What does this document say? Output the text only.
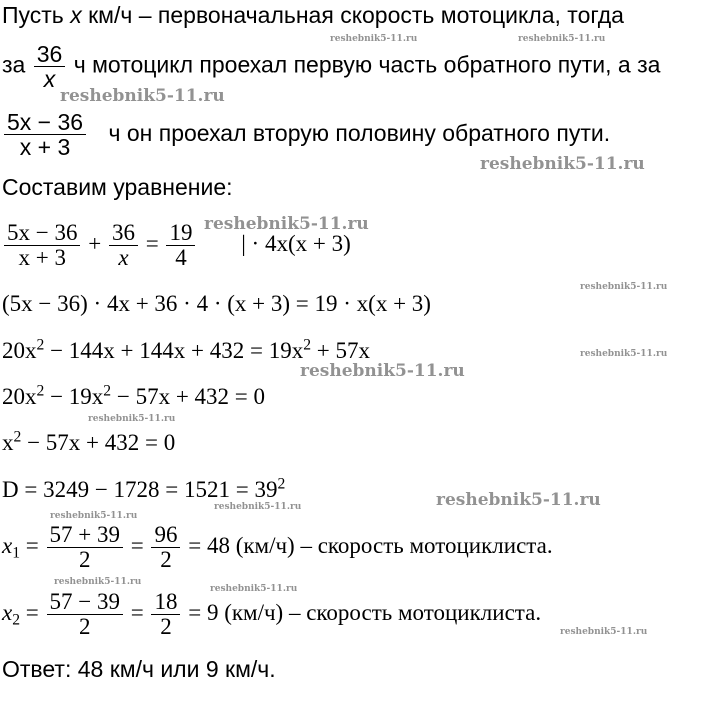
Пусть x км/ч – первоначальная скорость мотоцикла, тогда
за $\frac{36}{x}$ ч мотоцикл проехал первую часть обратного пути, а за
$\frac{5x - 36}{x + 3}$ ч он проехал вторую половину обратного пути.
Составим уравнение:
$\frac{5x - 36}{x + 3} + \frac{36}{x} = \frac{19}{4}$ | · 4x(x + 3)
(5x − 36) · 4x + 36 · 4 · (x + 3) = 19 · x(x + 3)
$20x^2 - 144x + 144x + 432 = 19x^2 + 57x$
$20x^2 - 19x^2 - 57x + 432 = 0$
$x^2 - 57x + 432 = 0$
$D = 3249 - 1728 = 1521 = 39^2$
$x_1 = \frac{57 + 39}{2} = \frac{96}{2} = 48$ (км/ч) – скорость мотоциклиста.
$x_2 = \frac{57 - 39}{2} = \frac{18}{2} = 9$ (км/ч) – скорость мотоциклиста.
Ответ: 48 км/ч или 9 км/ч.
reshebnik5-11.ru	reshebnik5-11.ru
reshebnik5-11.ru
reshebnik5-11.ru
reshebnik5-11.ru
reshebnik5-11.ru
reshebnik5-11.ru
reshebnik5-11.ru
reshebnik5-11.ru
reshebnik5-11.ru
reshebnik5-11.ru
reshebnik5-11.ru
reshebnik5-11.ru
reshebnik5-11.ru
reshebnik5-11.ru
